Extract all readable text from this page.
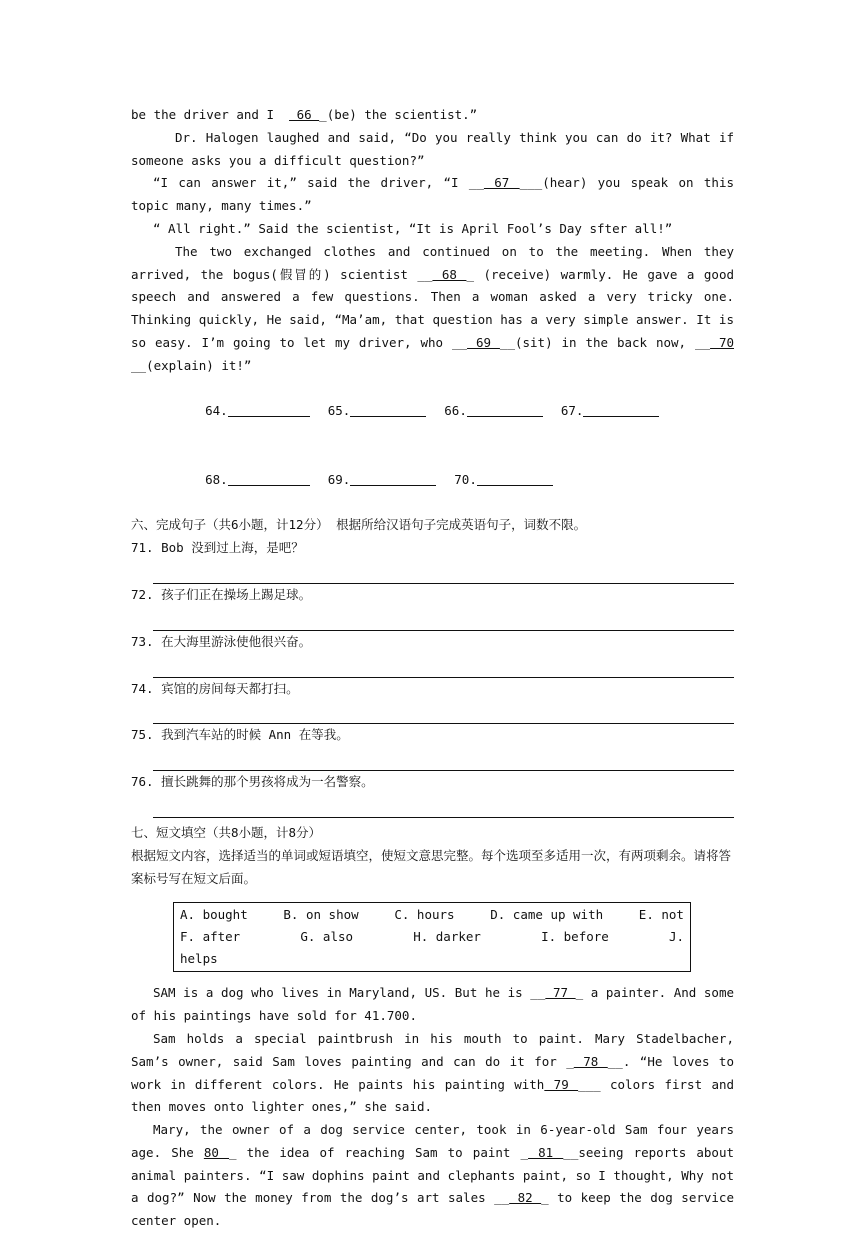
be the driver and I   66 _(be) the scientist.”

Dr. Halogen laughed and said, “Do you really think you can do it? What if someone asks you a difficult question?”

“I can answer it,” said the driver, “I __ 67 ___(hear) you speak on this topic many, many times.”

“ All right.” Said the scientist, “It is April Fool’s Day sfter all!”

The two exchanged clothes and continued on to the meeting. When they arrived, the bogus(假冒的) scientist __ 68 _ (receive) warmly. He gave a good speech and answered a few questions. Then a woman asked a very tricky one. Thinking quickly, He said, “Ma’am, that question has a very simple answer. It is so easy. I’m going to let my driver, who __ 69 __(sit) in the back now, __ 70 __(explain) it!”

64.	65.	66.	67.

68.	69.	70.

六、完成句子（共6小题，计12分） 根据所给汉语句子完成英语句子，词数不限。

71. Bob 没到过上海，是吧？

72. 孩子们正在操场上踢足球。

73. 在大海里游泳使他很兴奋。

74. 宾馆的房间每天都打扫。

75. 我到汽车站的时候 Ann 在等我。

76. 擅长跳舞的那个男孩将成为一名警察。

七、短文填空（共8小题，计8分）

根据短文内容，选择适当的单词或短语填空，使短文意思完整。每个选项至多适用一次，有两项剩余。请将答案标号写在短文后面。

A. bought	B. on show	C. hours	D. came up with	E. not
F. after	G. also	H. darker	I. before	J.
helps

SAM is a dog who lives in Maryland, US. But he is __ 77 _ a painter. And some of his paintings have sold for 41.700.

Sam holds a special paintbrush in his mouth to paint. Mary Stadelbacher, Sam’s owner, said Sam loves painting and can do it for _ 78 __. “He loves to work in different colors. He paints his painting with 79 ___ colors first and then moves onto lighter ones,” she said.

Mary, the owner of a dog service center, took in 6-year-old Sam four years age. She 80 _ the idea of reaching Sam to paint _ 81 __seeing reports about animal painters. “I saw dophins paint and clephants paint, so I thought, Why not a dog?” Now the money from the dog’s art sales __ 82 _ to keep the dog service center open.
